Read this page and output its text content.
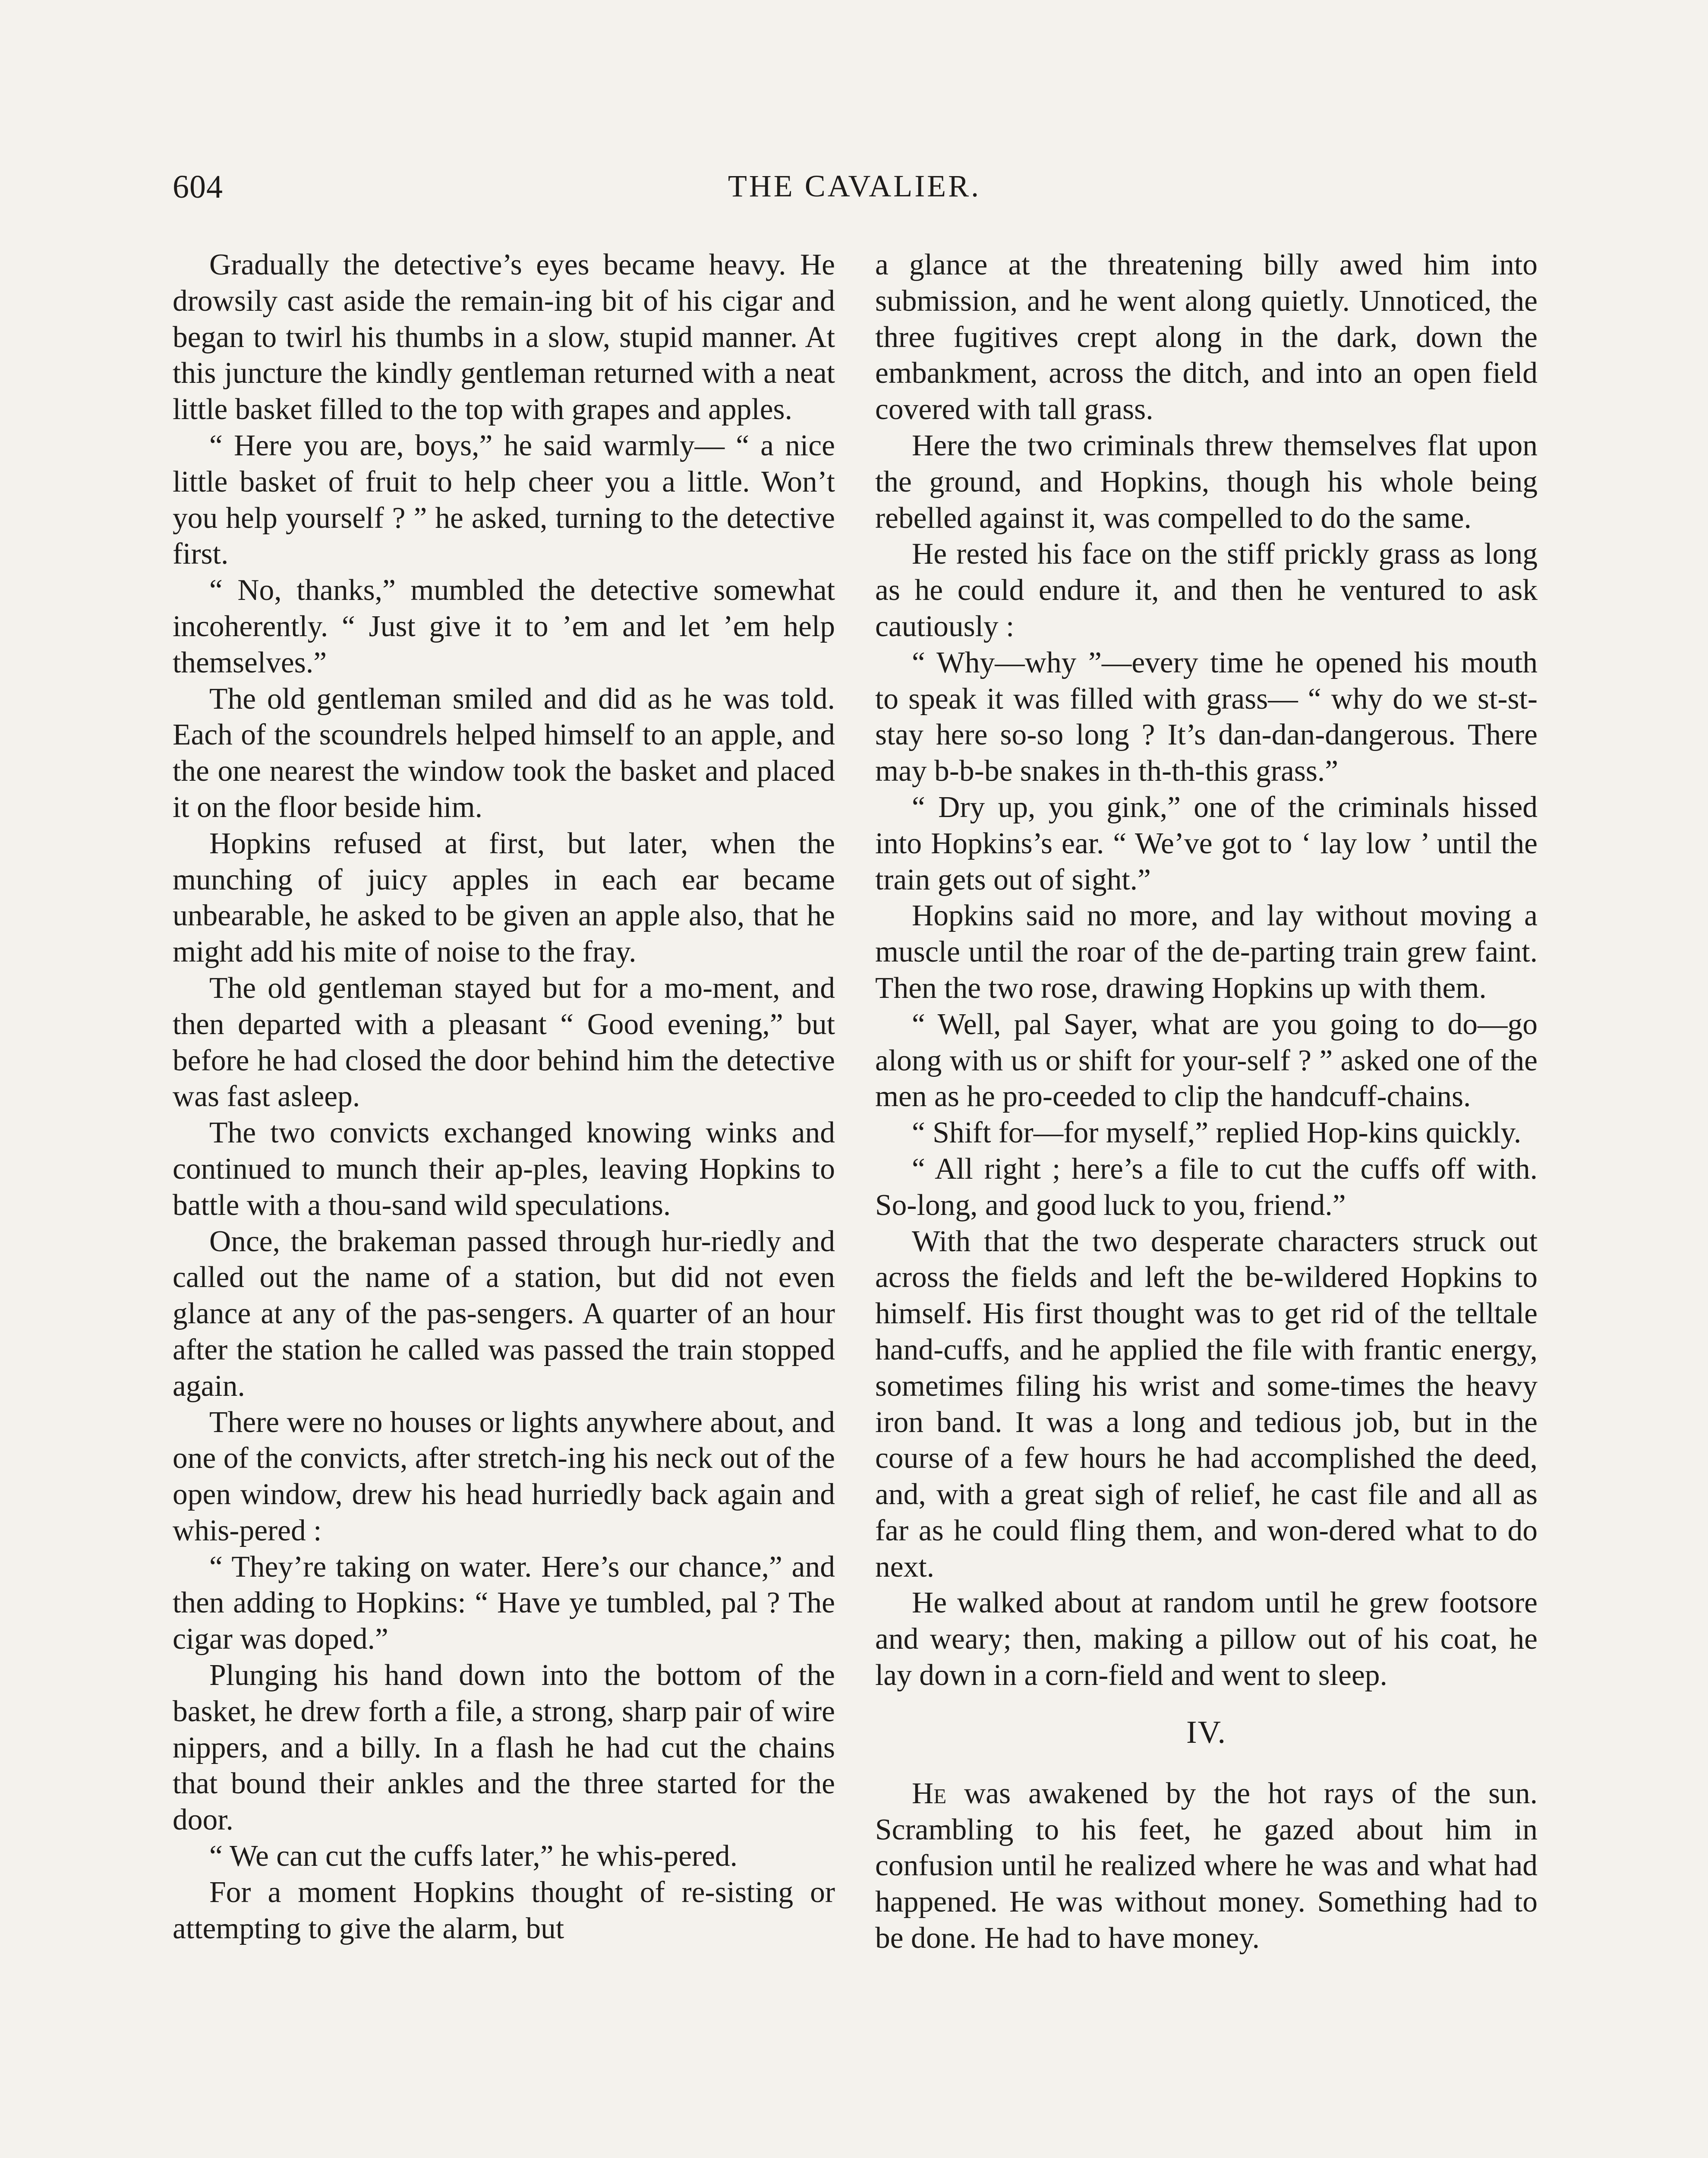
604	THE CAVALIER.

Gradually the detective’s eyes became heavy. He drowsily cast aside the remain-ing bit of his cigar and began to twirl his thumbs in a slow, stupid manner. At this juncture the kindly gentleman returned with a neat little basket filled to the top with grapes and apples.

“ Here you are, boys,” he said warmly— “ a nice little basket of fruit to help cheer you a little. Won’t you help yourself ? ” he asked, turning to the detective first.

“ No, thanks,” mumbled the detective somewhat incoherently. “ Just give it to ’em and let ’em help themselves.”

The old gentleman smiled and did as he was told. Each of the scoundrels helped himself to an apple, and the one nearest the window took the basket and placed it on the floor beside him.

Hopkins refused at first, but later, when the munching of juicy apples in each ear became unbearable, he asked to be given an apple also, that he might add his mite of noise to the fray.

The old gentleman stayed but for a mo-ment, and then departed with a pleasant “ Good evening,” but before he had closed the door behind him the detective was fast asleep.

The two convicts exchanged knowing winks and continued to munch their ap-ples, leaving Hopkins to battle with a thou-sand wild speculations.

Once, the brakeman passed through hur-riedly and called out the name of a station, but did not even glance at any of the pas-sengers. A quarter of an hour after the station he called was passed the train stopped again.

There were no houses or lights anywhere about, and one of the convicts, after stretch-ing his neck out of the open window, drew his head hurriedly back again and whis-pered :

“ They’re taking on water. Here’s our chance,” and then adding to Hopkins: “ Have ye tumbled, pal ? The cigar was doped.”

Plunging his hand down into the bottom of the basket, he drew forth a file, a strong, sharp pair of wire nippers, and a billy. In a flash he had cut the chains that bound their ankles and the three started for the door.

“ We can cut the cuffs later,” he whis-pered.

For a moment Hopkins thought of re-sisting or attempting to give the alarm, but

a glance at the threatening billy awed him into submission, and he went along quietly. Unnoticed, the three fugitives crept along in the dark, down the embankment, across the ditch, and into an open field covered with tall grass.

Here the two criminals threw themselves flat upon the ground, and Hopkins, though his whole being rebelled against it, was compelled to do the same.

He rested his face on the stiff prickly grass as long as he could endure it, and then he ventured to ask cautiously :

“ Why—why ”—every time he opened his mouth to speak it was filled with grass— “ why do we st-st-stay here so-so long ? It’s dan-dan-dangerous. There may b-b-be snakes in th-th-this grass.”

“ Dry up, you gink,” one of the criminals hissed into Hopkins’s ear. “ We’ve got to ‘ lay low ’ until the train gets out of sight.”

Hopkins said no more, and lay without moving a muscle until the roar of the de-parting train grew faint. Then the two rose, drawing Hopkins up with them.

“ Well, pal Sayer, what are you going to do—go along with us or shift for your-self ? ” asked one of the men as he pro-ceeded to clip the handcuff-chains.

“ Shift for—for myself,” replied Hop-kins quickly.

“ All right ; here’s a file to cut the cuffs off with. So-long, and good luck to you, friend.”

With that the two desperate characters struck out across the fields and left the be-wildered Hopkins to himself. His first thought was to get rid of the telltale hand-cuffs, and he applied the file with frantic energy, sometimes filing his wrist and some-times the heavy iron band. It was a long and tedious job, but in the course of a few hours he had accomplished the deed, and, with a great sigh of relief, he cast file and all as far as he could fling them, and won-dered what to do next.

He walked about at random until he grew footsore and weary; then, making a pillow out of his coat, he lay down in a corn-field and went to sleep.

IV.

He was awakened by the hot rays of the sun. Scrambling to his feet, he gazed about him in confusion until he realized where he was and what had happened. He was without money. Something had to be done. He had to have money.
